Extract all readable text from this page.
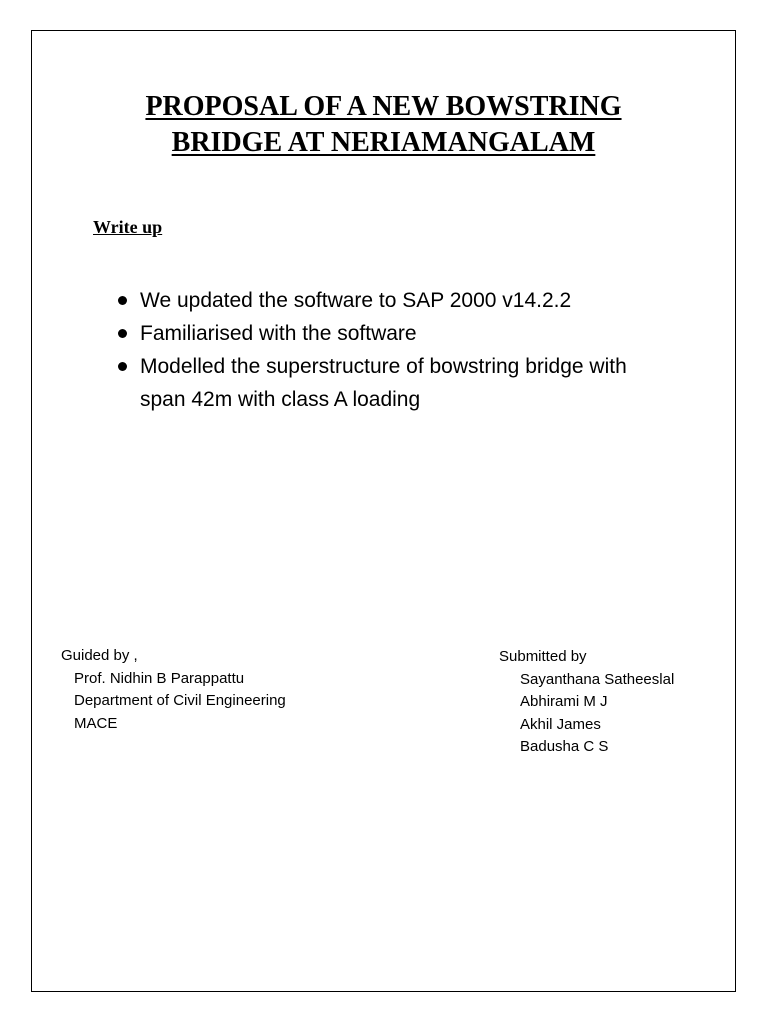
PROPOSAL OF A NEW BOWSTRING
BRIDGE AT NERIAMANGALAM
Write up
We updated the software to SAP 2000 v14.2.2
Familiarised with the software
Modelled the superstructure of bowstring bridge with span 42m with class A loading
Guided by ,
Prof. Nidhin B Parappattu
Department of Civil Engineering
MACE
Submitted by
Sayanthana Satheeslal
Abhirami M J
Akhil James
Badusha C S
